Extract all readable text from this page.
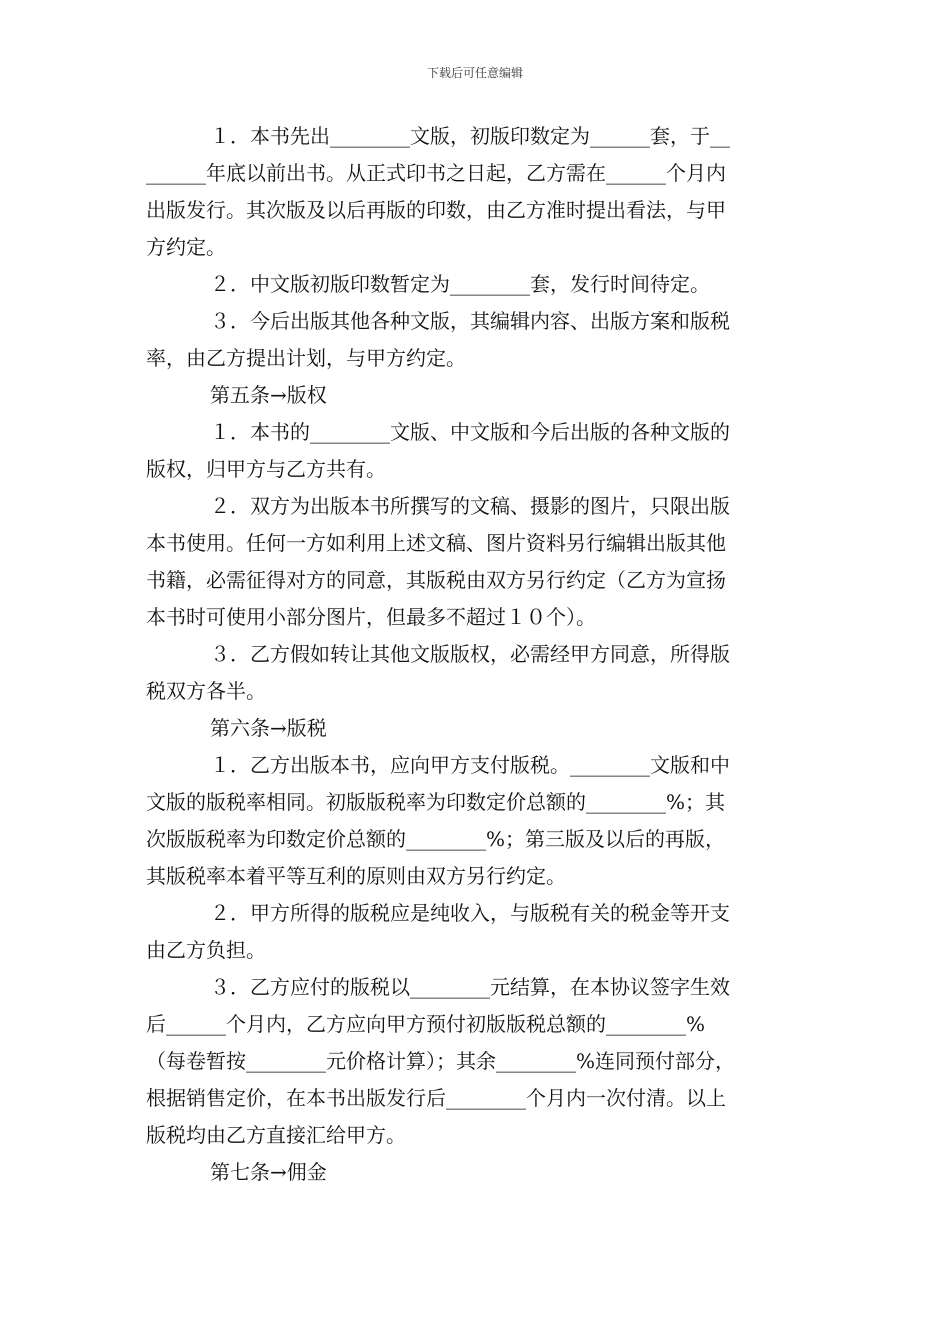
下载后可任意编辑
１．本书先出________文版，初版印数定为______套，于__
______年底以前出书。从正式印书之日起，乙方需在______个月内
出版发行。其次版及以后再版的印数，由乙方准时提出看法，与甲
方约定。
２．中文版初版印数暂定为________套，发行时间待定。
３．今后出版其他各种文版，其编辑内容、出版方案和版税
率，由乙方提出计划，与甲方约定。
第五条→版权
１．本书的________文版、中文版和今后出版的各种文版的
版权，归甲方与乙方共有。
２．双方为出版本书所撰写的文稿、摄影的图片，只限出版
本书使用。任何一方如利用上述文稿、图片资料另行编辑出版其他
书籍，必需征得对方的同意，其版税由双方另行约定（乙方为宣扬
本书时可使用小部分图片，但最多不超过１０个）。
３．乙方假如转让其他文版版权，必需经甲方同意，所得版
税双方各半。
第六条→版税
１．乙方出版本书，应向甲方支付版税。________文版和中
文版的版税率相同。初版版税率为印数定价总额的________%；其
次版版税率为印数定价总额的________%；第三版及以后的再版，
其版税率本着平等互利的原则由双方另行约定。
２．甲方所得的版税应是纯收入，与版税有关的税金等开支
由乙方负担。
３．乙方应付的版税以________元结算，在本协议签字生效
后______个月内，乙方应向甲方预付初版版税总额的________%
（每卷暂按________元价格计算）；其余________%连同预付部分，
根据销售定价，在本书出版发行后________个月内一次付清。以上
版税均由乙方直接汇给甲方。
第七条→佣金
